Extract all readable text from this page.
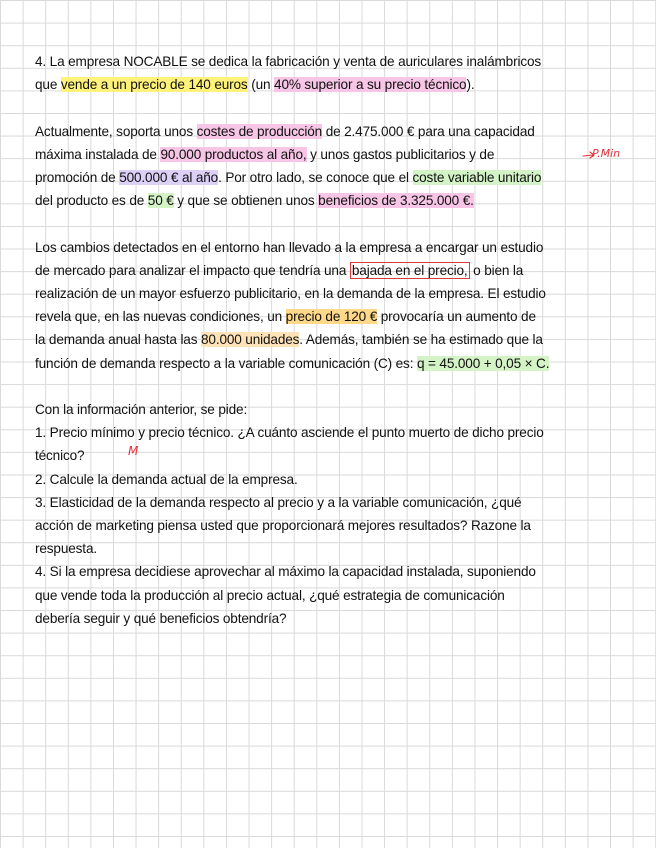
4. La empresa NOCABLE se dedica la fabricación y venta de auriculares inalámbricos
que vende a un precio de 140 euros (un 40% superior a su precio técnico).
Actualmente, soporta unos costes de producción de 2.475.000 € para una capacidad
máxima instalada de 90.000 productos al año, y unos gastos publicitarios y de
promoción de 500.000 € al año. Por otro lado, se conoce que el coste variable unitario
del producto es de 50 € y que se obtienen unos beneficios de 3.325.000 €.
Los cambios detectados en el entorno han llevado a la empresa a encargar un estudio
de mercado para analizar el impacto que tendría una bajada en el precio, o bien la
realización de un mayor esfuerzo publicitario, en la demanda de la empresa. El estudio
revela que, en las nuevas condiciones, un precio de 120 € provocaría un aumento de
la demanda anual hasta las 80.000 unidades. Además, también se ha estimado que la
función de demanda respecto a la variable comunicación (C) es: q = 45.000 + 0,05 × C.
Con la información anterior, se pide:
1. Precio mínimo y precio técnico. ¿A cuánto asciende el punto muerto de dicho precio
técnico?
2. Calcule la demanda actual de la empresa.
3. Elasticidad de la demanda respecto al precio y a la variable comunicación, ¿qué
acción de marketing piensa usted que proporcionará mejores resultados? Razone la
respuesta.
4. Si la empresa decidiese aprovechar al máximo la capacidad instalada, suponiendo
que vende toda la producción al precio actual, ¿qué estrategia de comunicación
debería seguir y qué beneficios obtendría?
P.Min
M
